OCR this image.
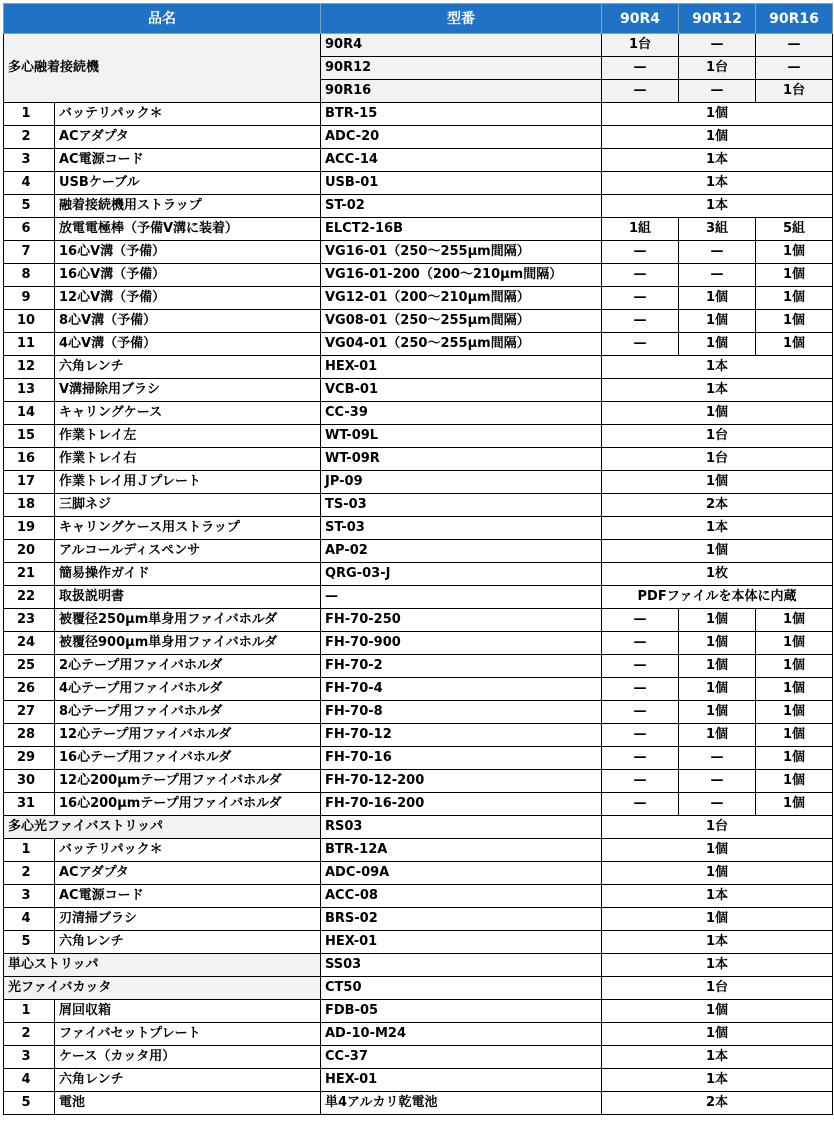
品名		型番	90R4	90R12	90R16
多心融着接続機		90R4	1台	—	—
		90R12	—	1台	—
		90R16	—	—	1台
1	バッテリパック＊	BTR-15	1個		
2	ACアダプタ	ADC-20	1個		
3	AC電源コード	ACC-14	1本		
4	USBケーブル	USB-01	1本		
5	融着接続機用ストラップ	ST-02	1本		
6	放電電極棒（予備V溝に装着）	ELCT2-16B	1組	3組	5組
7	16心V溝（予備）	VG16-01（250～255μm間隔）	—	—	1個
8	16心V溝（予備）	VG16-01-200（200～210μm間隔）	—	—	1個
9	12心V溝（予備）	VG12-01（200～210μm間隔）	—	1個	1個
10	8心V溝（予備）	VG08-01（250～255μm間隔）	—	1個	1個
11	4心V溝（予備）	VG04-01（250～255μm間隔）	—	1個	1個
12	六角レンチ	HEX-01	1本		
13	V溝掃除用ブラシ	VCB-01	1本		
14	キャリングケース	CC-39	1個		
15	作業トレイ左	WT-09L	1台		
16	作業トレイ右	WT-09R	1台		
17	作業トレイ用Ｊプレート	JP-09	1個		
18	三脚ネジ	TS-03	2本		
19	キャリングケース用ストラップ	ST-03	1本		
20	アルコールディスペンサ	AP-02	1個		
21	簡易操作ガイド	QRG-03-J	1枚		
22	取扱説明書	—	PDFファイルを本体に内蔵		
23	被覆径250μm単身用ファイバホルダ	FH-70-250	—	1個	1個
24	被覆径900μm単身用ファイバホルダ	FH-70-900	—	1個	1個
25	2心テープ用ファイバホルダ	FH-70-2	—	1個	1個
26	4心テープ用ファイバホルダ	FH-70-4	—	1個	1個
27	8心テープ用ファイバホルダ	FH-70-8	—	1個	1個
28	12心テープ用ファイバホルダ	FH-70-12	—	1個	1個
29	16心テープ用ファイバホルダ	FH-70-16	—	—	1個
30	12心200μmテープ用ファイバホルダ	FH-70-12-200	—	—	1個
31	16心200μmテープ用ファイバホルダ	FH-70-16-200	—	—	1個
多心光ファイバストリッパ		RS03	1台		
1	バッテリパック＊	BTR-12A	1個		
2	ACアダプタ	ADC-09A	1個		
3	AC電源コード	ACC-08	1本		
4	刃清掃ブラシ	BRS-02	1個		
5	六角レンチ	HEX-01	1本		
単心ストリッパ		SS03	1本		
光ファイバカッタ		CT50	1台		
1	屑回収箱	FDB-05	1個		
2	ファイバセットプレート	AD-10-M24	1個		
3	ケース（カッタ用）	CC-37	1本		
4	六角レンチ	HEX-01	1本		
5	電池	単4アルカリ乾電池	2本		
